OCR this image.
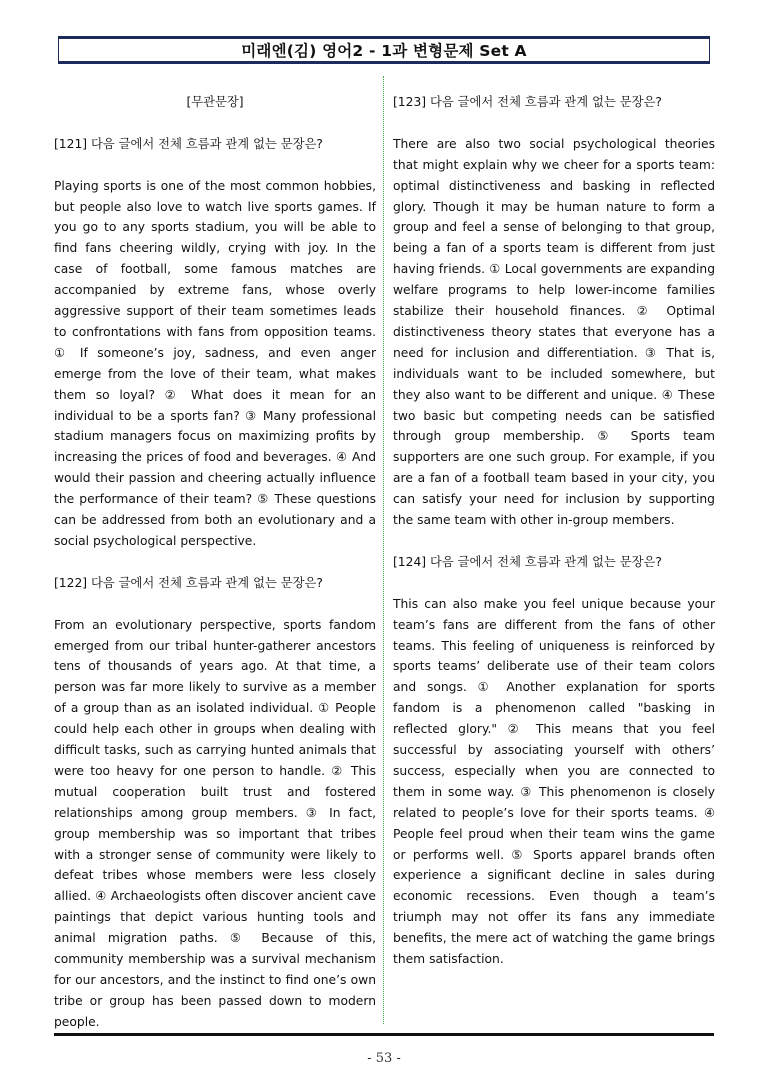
미래엔(김) 영어2 - 1과 변형문제 Set A

[무관문장]

[121] 다음 글에서 전체 흐름과 관계 없는 문장은?

Playing sports is one of the most common hobbies, but people also love to watch live sports games. If you go to any sports stadium, you will be able to find fans cheering wildly, crying with joy. In the case of football, some famous matches are accompanied by extreme fans, whose overly aggressive support of their team sometimes leads to confrontations with fans from opposition teams. ① If someone’s joy, sadness, and even anger emerge from the love of their team, what makes them so loyal? ② What does it mean for an individual to be a sports fan? ③ Many professional stadium managers focus on maximizing profits by increasing the prices of food and beverages. ④ And would their passion and cheering actually influence the performance of their team? ⑤ These questions can be addressed from both an evolutionary and a social psychological perspective.

[122] 다음 글에서 전체 흐름과 관계 없는 문장은?

From an evolutionary perspective, sports fandom emerged from our tribal hunter-gatherer ancestors tens of thousands of years ago. At that time, a person was far more likely to survive as a member of a group than as an isolated individual. ① People could help each other in groups when dealing with difficult tasks, such as carrying hunted animals that were too heavy for one person to handle. ② This mutual cooperation built trust and fostered relationships among group members. ③ In fact, group membership was so important that tribes with a stronger sense of community were likely to defeat tribes whose members were less closely allied. ④ Archaeologists often discover ancient cave paintings that depict various hunting tools and animal migration paths. ⑤ Because of this, community membership was a survival mechanism for our ancestors, and the instinct to find one’s own tribe or group has been passed down to modern people.

[123] 다음 글에서 전체 흐름과 관계 없는 문장은?

There are also two social psychological theories that might explain why we cheer for a sports team: optimal distinctiveness and basking in reflected glory. Though it may be human nature to form a group and feel a sense of belonging to that group, being a fan of a sports team is different from just having friends. ① Local governments are expanding welfare programs to help lower-income families stabilize their household finances. ② Optimal distinctiveness theory states that everyone has a need for inclusion and differentiation. ③ That is, individuals want to be included somewhere, but they also want to be different and unique. ④ These two basic but competing needs can be satisfied through group membership. ⑤ Sports team supporters are one such group. For example, if you are a fan of a football team based in your city, you can satisfy your need for inclusion by supporting the same team with other in-group members.

[124] 다음 글에서 전체 흐름과 관계 없는 문장은?

This can also make you feel unique because your team’s fans are different from the fans of other teams. This feeling of uniqueness is reinforced by sports teams’ deliberate use of their team colors and songs. ① Another explanation for sports fandom is a phenomenon called "basking in reflected glory." ② This means that you feel successful by associating yourself with others’ success, especially when you are connected to them in some way. ③ This phenomenon is closely related to people’s love for their sports teams. ④ People feel proud when their team wins the game or performs well. ⑤ Sports apparel brands often experience a significant decline in sales during economic recessions. Even though a team’s triumph may not offer its fans any immediate benefits, the mere act of watching the game brings them satisfaction.

- 53 -
